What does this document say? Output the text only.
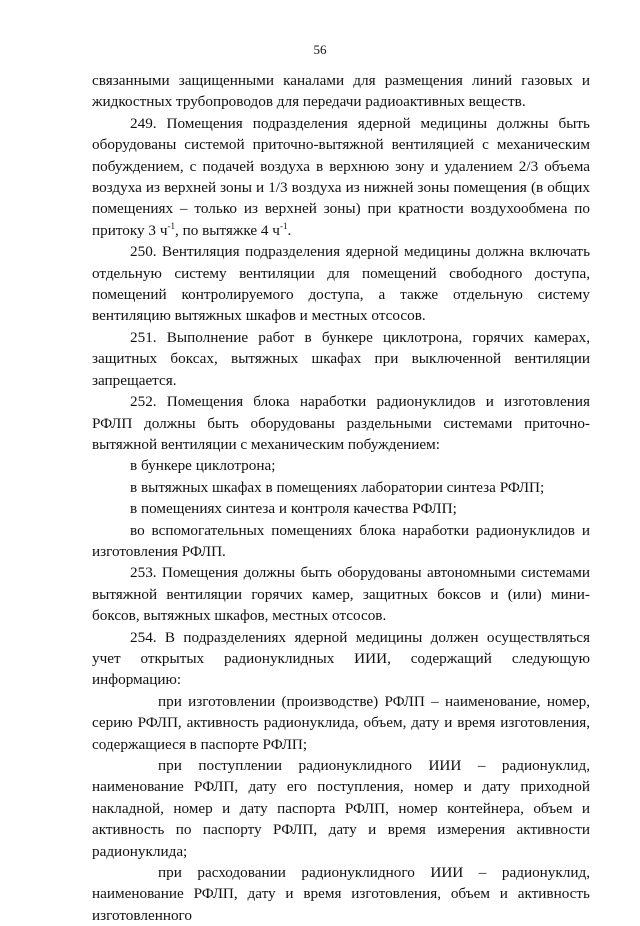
56

связанными защищенными каналами для размещения линий газовых и жидкостных трубопроводов для передачи радиоактивных веществ.

249. Помещения подразделения ядерной медицины должны быть оборудованы системой приточно-вытяжной вентиляцией с механическим побуждением, с подачей воздуха в верхнюю зону и удалением 2/3 объема воздуха из верхней зоны и 1/3 воздуха из нижней зоны помещения (в общих помещениях – только из верхней зоны) при кратности воздухообмена по притоку 3 $ч^{-1}$, по вытяжке 4 $ч^{-1}$.

250. Вентиляция подразделения ядерной медицины должна включать отдельную систему вентиляции для помещений свободного доступа, помещений контролируемого доступа, а также отдельную систему вентиляцию вытяжных шкафов и местных отсосов.

251. Выполнение работ в бункере циклотрона, горячих камерах, защитных боксах, вытяжных шкафах при выключенной вентиляции запрещается.

252. Помещения блока наработки радионуклидов и изготовления РФЛП должны быть оборудованы раздельными системами приточно-вытяжной вентиляции с механическим побуждением:

в бункере циклотрона;

в вытяжных шкафах в помещениях лаборатории синтеза РФЛП;

в помещениях синтеза и контроля качества РФЛП;

во вспомогательных помещениях блока наработки радионуклидов и изготовления РФЛП.

253. Помещения должны быть оборудованы автономными системами вытяжной вентиляции горячих камер, защитных боксов и (или) мини-боксов, вытяжных шкафов, местных отсосов.

254. В подразделениях ядерной медицины должен осуществляться учет открытых радионуклидных ИИИ, содержащий следующую информацию:

при изготовлении (производстве) РФЛП – наименование, номер, серию РФЛП, активность радионуклида, объем, дату и время изготовления, содержащиеся в паспорте РФЛП;

при поступлении радионуклидного ИИИ – радионуклид, наименование РФЛП, дату его поступления, номер и дату приходной накладной, номер и дату паспорта РФЛП, номер контейнера, объем и активность по паспорту РФЛП, дату и время измерения активности радионуклида;

при расходовании радионуклидного ИИИ – радионуклид, наименование РФЛП, дату и время изготовления, объем и активность изготовленного
